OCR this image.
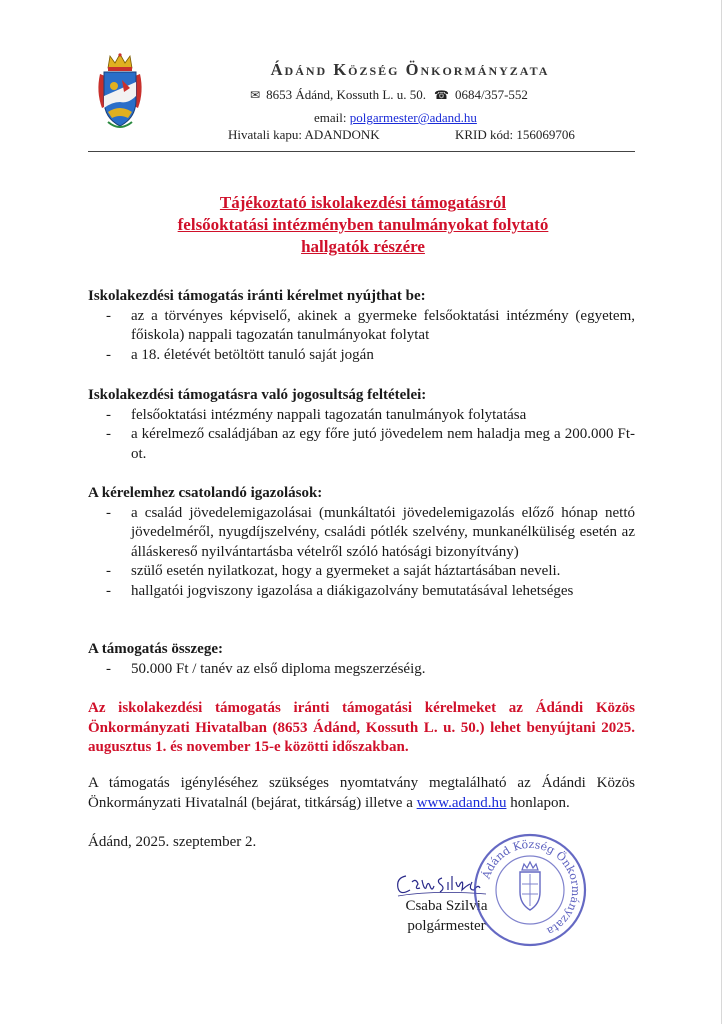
Ádánd Község Önkormányzata
✉ 8653 Ádánd, Kossuth L. u. 50. ☎ 0684/357-552
email: polgarmester@adand.hu
Hivatali kapu: ADANDONK	KRID kód: 156069706
Tájékoztató iskolakezdési támogatásról
felsőoktatási intézményben tanulmányokat folytató
hallgatók részére
Iskolakezdési támogatás iránti kérelmet nyújthat be:
- az a törvényes képviselő, akinek a gyermeke felsőoktatási intézmény (egyetem, főiskola) nappali tagozatán tanulmányokat folytat
- a 18. életévét betöltött tanuló saját jogán
Iskolakezdési támogatásra való jogosultság feltételei:
- felsőoktatási intézmény nappali tagozatán tanulmányok folytatása
- a kérelmező családjában az egy főre jutó jövedelem nem haladja meg a 200.000 Ft-ot.
A kérelemhez csatolandó igazolások:
- a család jövedelemigazolásai (munkáltatói jövedelemigazolás előző hónap nettó jövedelméről, nyugdíjszelvény, családi pótlék szelvény, munkanélküliség esetén az álláskereső nyilvántartásba vételről szóló hatósági bizonyítvány)
- szülő esetén nyilatkozat, hogy a gyermeket a saját háztartásában neveli.
- hallgatói jogviszony igazolása a diákigazolvány bemutatásával lehetséges
A támogatás összege:
- 50.000 Ft / tanév az első diploma megszerzéséig.
Az iskolakezdési támogatás iránti támogatási kérelmeket az Ádándi Közös Önkormányzati Hivatalban (8653 Ádánd, Kossuth L. u. 50.) lehet benyújtani 2025. augusztus 1. és november 15-e közötti időszakban.
A támogatás igényléséhez szükséges nyomtatvány megtalálható az Ádándi Közös Önkormányzati Hivatalnál (bejárat, titkárság) illetve a www.adand.hu honlapon.
Ádánd, 2025. szeptember 2.
Csaba Szilvia
polgármester
Ádánd Község Önkormányzata
